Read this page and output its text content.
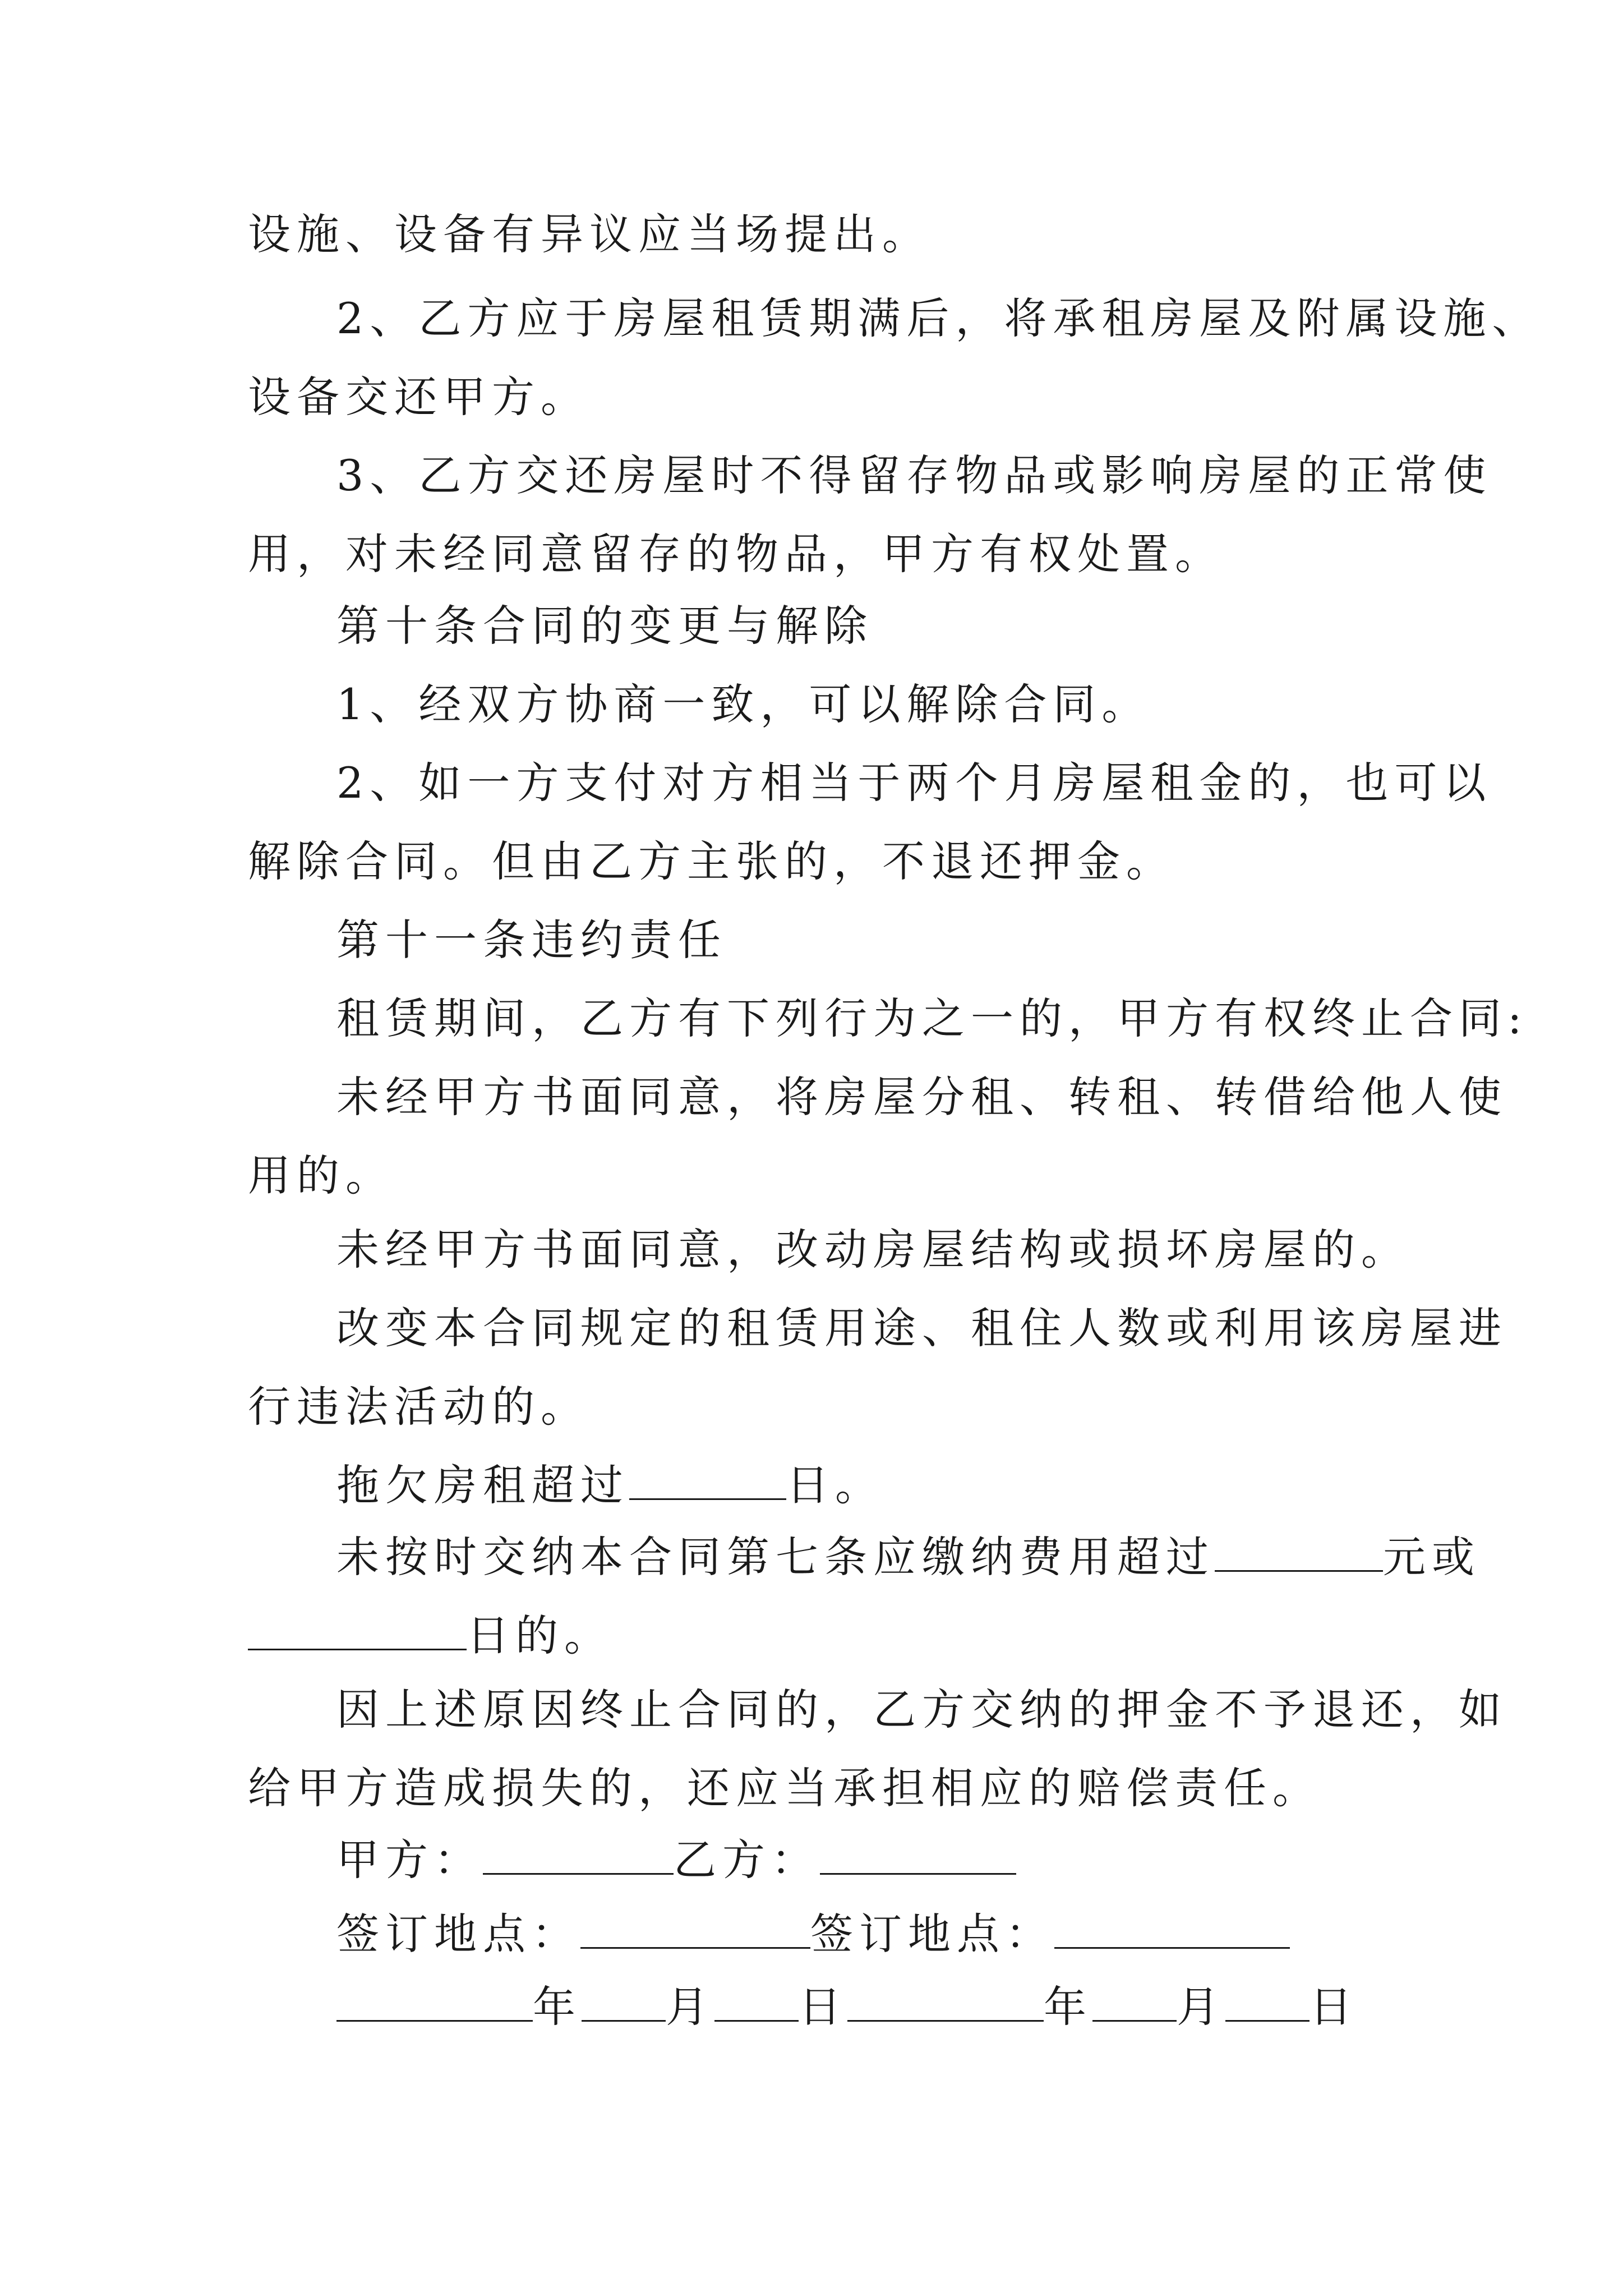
设施、设备有异议应当场提出。
2、乙方应于房屋租赁期满后，将承租房屋及附属设施、
设备交还甲方。
3、乙方交还房屋时不得留存物品或影响房屋的正常使
用，对未经同意留存的物品，甲方有权处置。
第十条合同的变更与解除
1、经双方协商一致，可以解除合同。
2、如一方支付对方相当于两个月房屋租金的，也可以
解除合同。但由乙方主张的，不退还押金。
第十一条违约责任
租赁期间，乙方有下列行为之一的，甲方有权终止合同:
未经甲方书面同意，将房屋分租、转租、转借给他人使
用的。
未经甲方书面同意，改动房屋结构或损坏房屋的。
改变本合同规定的租赁用途、租住人数或利用该房屋进
行违法活动的。
拖欠房租超过	日。
未按时交纳本合同第七条应缴纳费用超过	元或
日的。
因上述原因终止合同的，乙方交纳的押金不予退还，如
给甲方造成损失的，还应当承担相应的赔偿责任。
甲方：	乙方：
签订地点：	签订地点：
年 月 日	年 月 日
